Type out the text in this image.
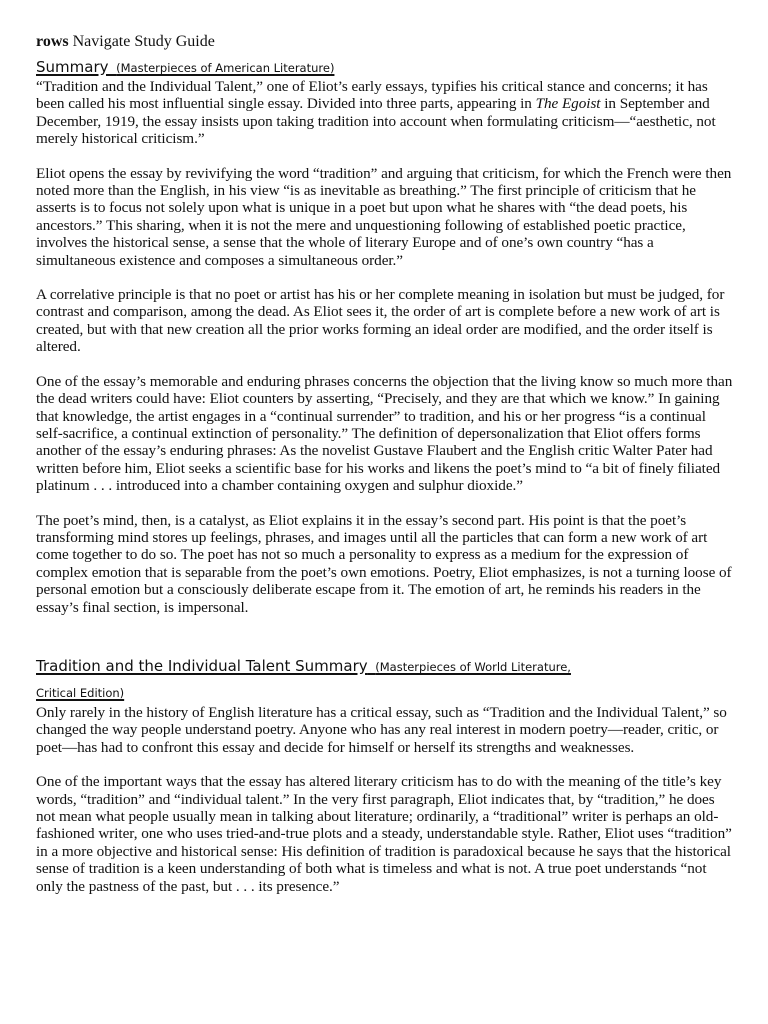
rows Navigate Study Guide
Summary (Masterpieces of American Literature)

“Tradition and the Individual Talent,” one of Eliot’s early essays, typifies his critical stance and concerns; it has been called his most influential single essay. Divided into three parts, appearing in The Egoist in September and December, 1919, the essay insists upon taking tradition into account when formulating criticism—“aesthetic, not merely historical criticism.”

Eliot opens the essay by revivifying the word “tradition” and arguing that criticism, for which the French were then noted more than the English, in his view “is as inevitable as breathing.” The first principle of criticism that he asserts is to focus not solely upon what is unique in a poet but upon what he shares with “the dead poets, his ancestors.” This sharing, when it is not the mere and unquestioning following of established poetic practice, involves the historical sense, a sense that the whole of literary Europe and of one’s own country “has a simultaneous existence and composes a simultaneous order.”

A correlative principle is that no poet or artist has his or her complete meaning in isolation but must be judged, for contrast and comparison, among the dead. As Eliot sees it, the order of art is complete before a new work of art is created, but with that new creation all the prior works forming an ideal order are modified, and the order itself is altered.

One of the essay’s memorable and enduring phrases concerns the objection that the living know so much more than the dead writers could have: Eliot counters by asserting, “Precisely, and they are that which we know.” In gaining that knowledge, the artist engages in a “continual surrender” to tradition, and his or her progress “is a continual self-sacrifice, a continual extinction of personality.” The definition of depersonalization that Eliot offers forms another of the essay’s enduring phrases: As the novelist Gustave Flaubert and the English critic Walter Pater had written before him, Eliot seeks a scientific base for his works and likens the poet’s mind to “a bit of finely filiated platinum . . . introduced into a chamber containing oxygen and sulphur dioxide.”

The poet’s mind, then, is a catalyst, as Eliot explains it in the essay’s second part. His point is that the poet’s transforming mind stores up feelings, phrases, and images until all the particles that can form a new work of art come together to do so. The poet has not so much a personality to express as a medium for the expression of complex emotion that is separable from the poet’s own emotions. Poetry, Eliot emphasizes, is not a turning loose of personal emotion but a consciously deliberate escape from it. The emotion of art, he reminds his readers in the essay’s final section, is impersonal.

Tradition and the Individual Talent Summary (Masterpieces of World Literature, Critical Edition)

Only rarely in the history of English literature has a critical essay, such as “Tradition and the Individual Talent,” so changed the way people understand poetry. Anyone who has any real interest in modern poetry—reader, critic, or poet—has had to confront this essay and decide for himself or herself its strengths and weaknesses.

One of the important ways that the essay has altered literary criticism has to do with the meaning of the title’s key words, “tradition” and “individual talent.” In the very first paragraph, Eliot indicates that, by “tradition,” he does not mean what people usually mean in talking about literature; ordinarily, a “traditional” writer is perhaps an old-fashioned writer, one who uses tried-and-true plots and a steady, understandable style. Rather, Eliot uses “tradition” in a more objective and historical sense: His definition of tradition is paradoxical because he says that the historical sense of tradition is a keen understanding of both what is timeless and what is not. A true poet understands “not only the pastness of the past, but . . . its presence.”
